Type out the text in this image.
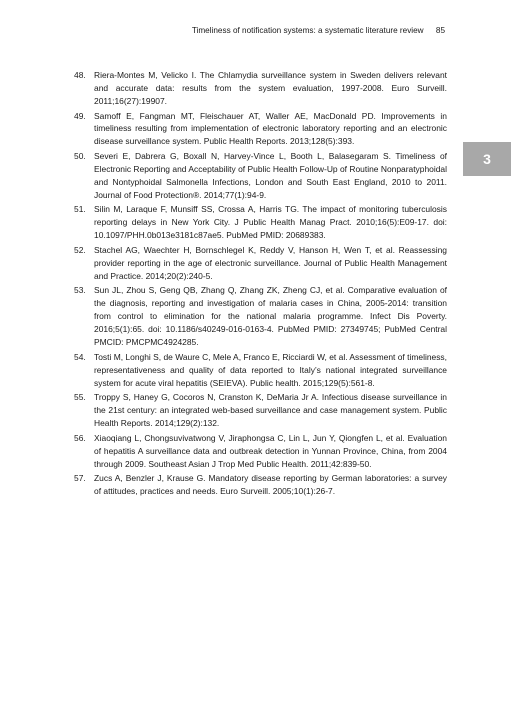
Timeliness of notification systems: a systematic literature review 85
3
48. Riera-Montes M, Velicko I. The Chlamydia surveillance system in Sweden delivers relevant and accurate data: results from the system evaluation, 1997-2008. Euro Surveill. 2011;16(27):19907.
49. Samoff E, Fangman MT, Fleischauer AT, Waller AE, MacDonald PD. Improvements in timeliness resulting from implementation of electronic laboratory reporting and an electronic disease surveillance system. Public Health Reports. 2013;128(5):393.
50. Severi E, Dabrera G, Boxall N, Harvey-Vince L, Booth L, Balasegaram S. Timeliness of Electronic Reporting and Acceptability of Public Health Follow-Up of Routine Nonparatyphoidal and Nontyphoidal Salmonella Infections, London and South East England, 2010 to 2011. Journal of Food Protection®. 2014;77(1):94-9.
51. Silin M, Laraque F, Munsiff SS, Crossa A, Harris TG. The impact of monitoring tuberculosis reporting delays in New York City. J Public Health Manag Pract. 2010;16(5):E09-17. doi: 10.1097/PHH.0b013e3181c87ae5. PubMed PMID: 20689383.
52. Stachel AG, Waechter H, Bornschlegel K, Reddy V, Hanson H, Wen T, et al. Reassessing provider reporting in the age of electronic surveillance. Journal of Public Health Management and Practice. 2014;20(2):240-5.
53. Sun JL, Zhou S, Geng QB, Zhang Q, Zhang ZK, Zheng CJ, et al. Comparative evaluation of the diagnosis, reporting and investigation of malaria cases in China, 2005-2014: transition from control to elimination for the national malaria programme. Infect Dis Poverty. 2016;5(1):65. doi: 10.1186/s40249-016-0163-4. PubMed PMID: 27349745; PubMed Central PMCID: PMCPMC4924285.
54. Tosti M, Longhi S, de Waure C, Mele A, Franco E, Ricciardi W, et al. Assessment of timeliness, representativeness and quality of data reported to Italy’s national integrated surveillance system for acute viral hepatitis (SEIEVA). Public health. 2015;129(5):561-8.
55. Troppy S, Haney G, Cocoros N, Cranston K, DeMaria Jr A. Infectious disease surveillance in the 21st century: an integrated web-based surveillance and case management system. Public Health Reports. 2014;129(2):132.
56. Xiaoqiang L, Chongsuvivatwong V, Jiraphongsa C, Lin L, Jun Y, Qiongfen L, et al. Evaluation of hepatitis A surveillance data and outbreak detection in Yunnan Province, China, from 2004 through 2009. Southeast Asian J Trop Med Public Health. 2011;42:839-50.
57. Zucs A, Benzler J, Krause G. Mandatory disease reporting by German laboratories: a survey of attitudes, practices and needs. Euro Surveill. 2005;10(1):26-7.
